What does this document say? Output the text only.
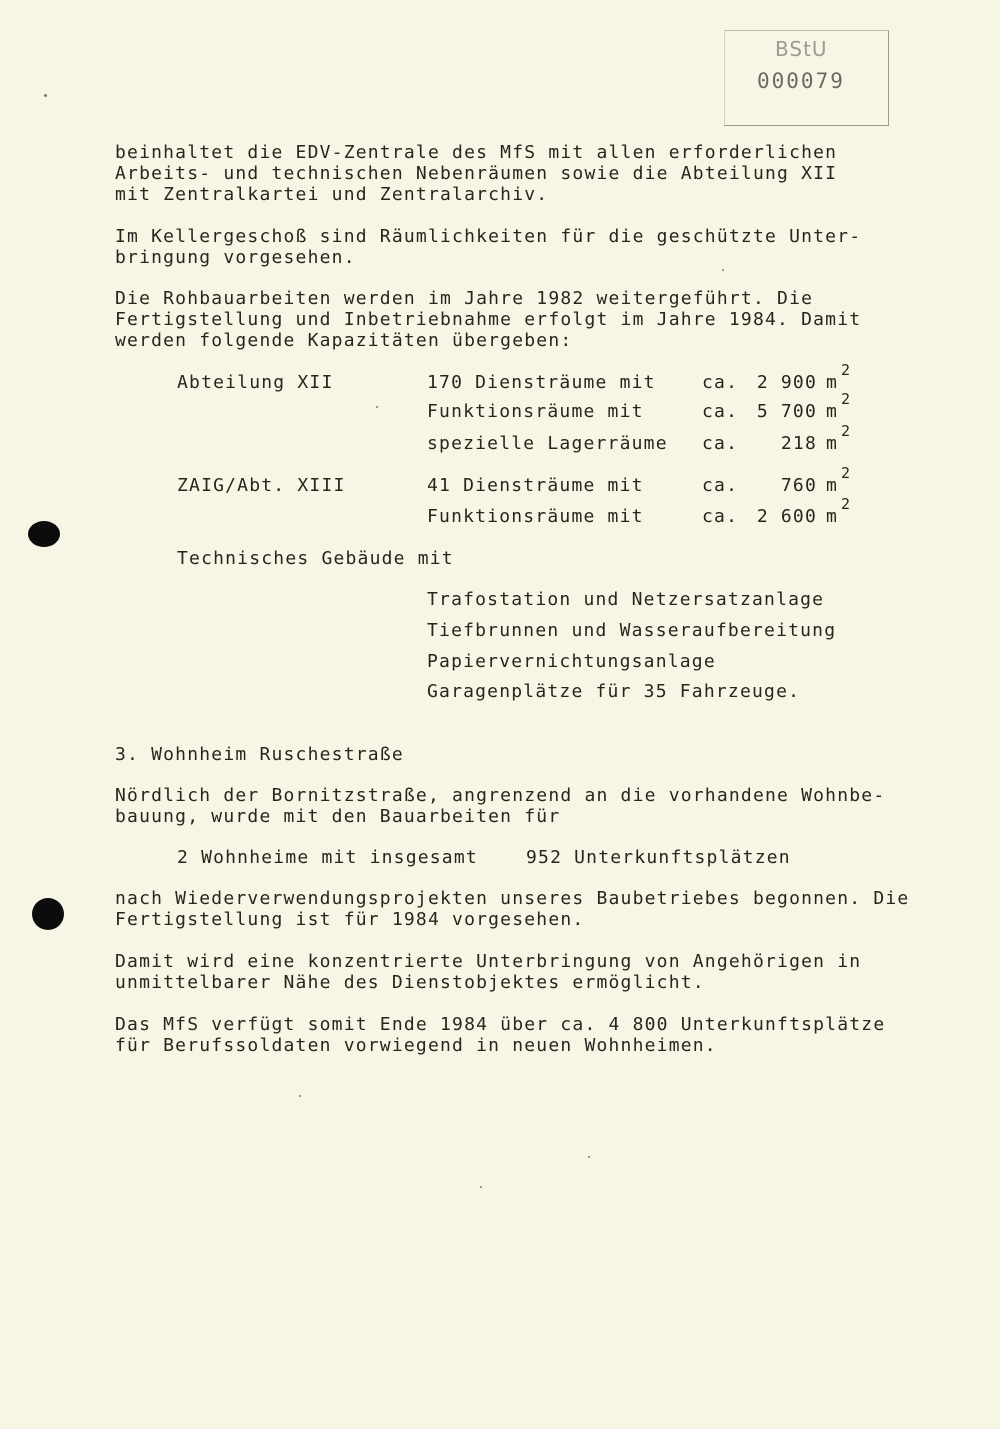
BStU
000079
beinhaltet die EDV-Zentrale des MfS mit allen erforderlichen
Arbeits- und technischen Nebenräumen sowie die Abteilung XII
mit Zentralkartei und Zentralarchiv.
Im Kellergeschoß sind Räumlichkeiten für die geschützte Unter-
bringung vorgesehen.
Die Rohbauarbeiten werden im Jahre 1982 weitergeführt. Die
Fertigstellung und Inbetriebnahme erfolgt im Jahre 1984. Damit
werden folgende Kapazitäten übergeben:
Abteilung XII	170 Diensträume mit	ca.	2 900 m
2
Funktionsräume mit	ca.	5 700 m
2
spezielle Lagerräume ca.	218 m
2
ZAIG/Abt. XIII	41 Diensträume mit	ca.	760 m
2
Funktionsräume mit	ca.	2 600 m
2
Technisches Gebäude mit
Trafostation und Netzersatzanlage
Tiefbrunnen und Wasseraufbereitung
Papiervernichtungsanlage
Garagenplätze für 35 Fahrzeuge.
3. Wohnheim Ruschestraße
Nördlich der Bornitzstraße, angrenzend an die vorhandene Wohnbe-
bauung, wurde mit den Bauarbeiten für
2 Wohnheime mit insgesamt	952 Unterkunftsplätzen
nach Wiederverwendungsprojekten unseres Baubetriebes begonnen. Die
Fertigstellung ist für 1984 vorgesehen.
Damit wird eine konzentrierte Unterbringung von Angehörigen in
unmittelbarer Nähe des Dienstobjektes ermöglicht.
Das MfS verfügt somit Ende 1984 über ca. 4 800 Unterkunftsplätze
für Berufssoldaten vorwiegend in neuen Wohnheimen.
